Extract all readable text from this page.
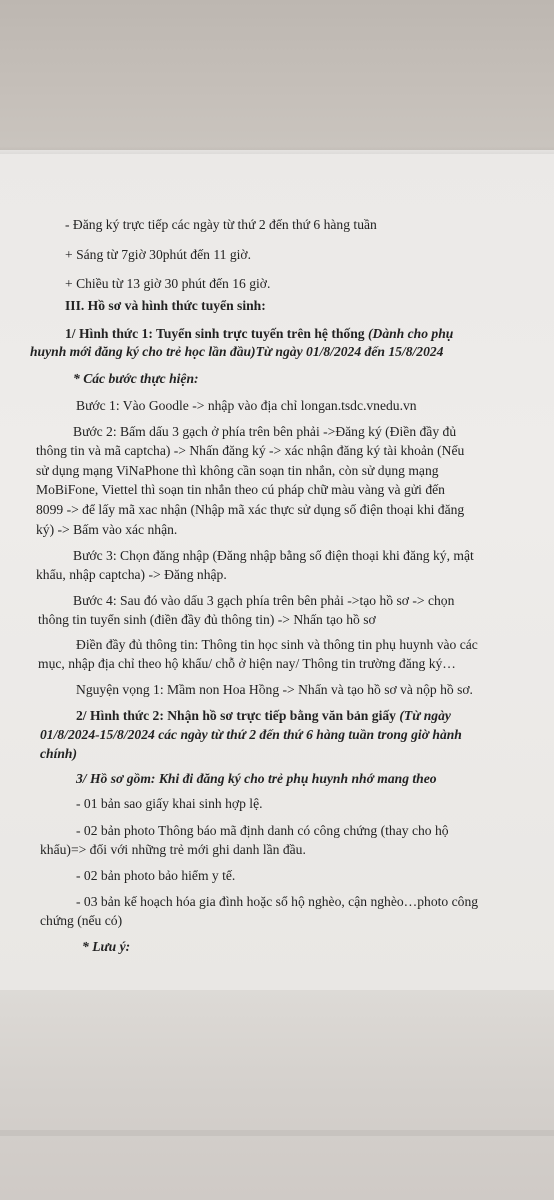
- Đăng ký trực tiếp các ngày từ thứ 2 đến thứ 6 hàng tuần
+ Sáng từ 7giờ 30phút đến 11 giờ.
+ Chiều từ 13 giờ 30 phút đến 16 giờ.
III. Hồ sơ và hình thức tuyển sinh:
1/ Hình thức 1: Tuyển sinh trực tuyến trên hệ thống (Dành cho phụ
huynh mới đăng ký cho trẻ học lần đầu)Từ ngày 01/8/2024 đến 15/8/2024
* Các bước thực hiện:
Bước 1: Vào Goodle -> nhập vào địa chỉ longan.tsdc.vnedu.vn
Bước 2: Bấm dấu 3 gạch ở phía trên bên phải ->Đăng ký (Điền đầy đủ
thông tin và mã captcha) -> Nhấn đăng ký -> xác nhận đăng ký tài khoản (Nếu
sử dụng mạng ViNaPhone thì không cần soạn tin nhắn, còn sử dụng mạng
MoBiFone, Viettel thì soạn tin nhắn theo cú pháp chữ màu vàng và gửi đến
8099 -> để lấy mã xac nhận (Nhập mã xác thực sử dụng số điện thoại khi đăng
ký) -> Bấm vào xác nhận.
Bước 3: Chọn đăng nhập (Đăng nhập bằng số điện thoại khi đăng ký, mật
khẩu, nhập captcha) -> Đăng nhập.
Bước 4: Sau đó vào dấu 3 gạch phía trên bên phải ->tạo hồ sơ -> chọn
thông tin tuyển sinh (điền đầy đủ thông tin) -> Nhấn tạo hồ sơ
Điền đầy đủ thông tin: Thông tin học sinh và thông tin phụ huynh vào các
mục, nhập địa chỉ theo hộ khẩu/ chỗ ở hiện nay/ Thông tin trường đăng ký…
Nguyện vọng 1: Mầm non Hoa Hồng -> Nhấn và tạo hồ sơ và nộp hồ sơ.
2/ Hình thức 2: Nhận hồ sơ trực tiếp bằng văn bản giấy (Từ ngày
01/8/2024-15/8/2024 các ngày từ thứ 2 đến thứ 6 hàng tuần trong giờ hành
chính)
3/ Hồ sơ gồm: Khi đi đăng ký cho trẻ phụ huynh nhớ mang theo
- 01 bản sao giấy khai sinh hợp lệ.
- 02 bản photo Thông báo mã định danh có công chứng (thay cho hộ
khẩu)=> đối với những trẻ mới ghi danh lần đầu.
- 02 bản photo bảo hiểm y tế.
- 03 bản kế hoạch hóa gia đình hoặc sổ hộ nghèo, cận nghèo…photo công
chứng (nếu có)
* Lưu ý:
